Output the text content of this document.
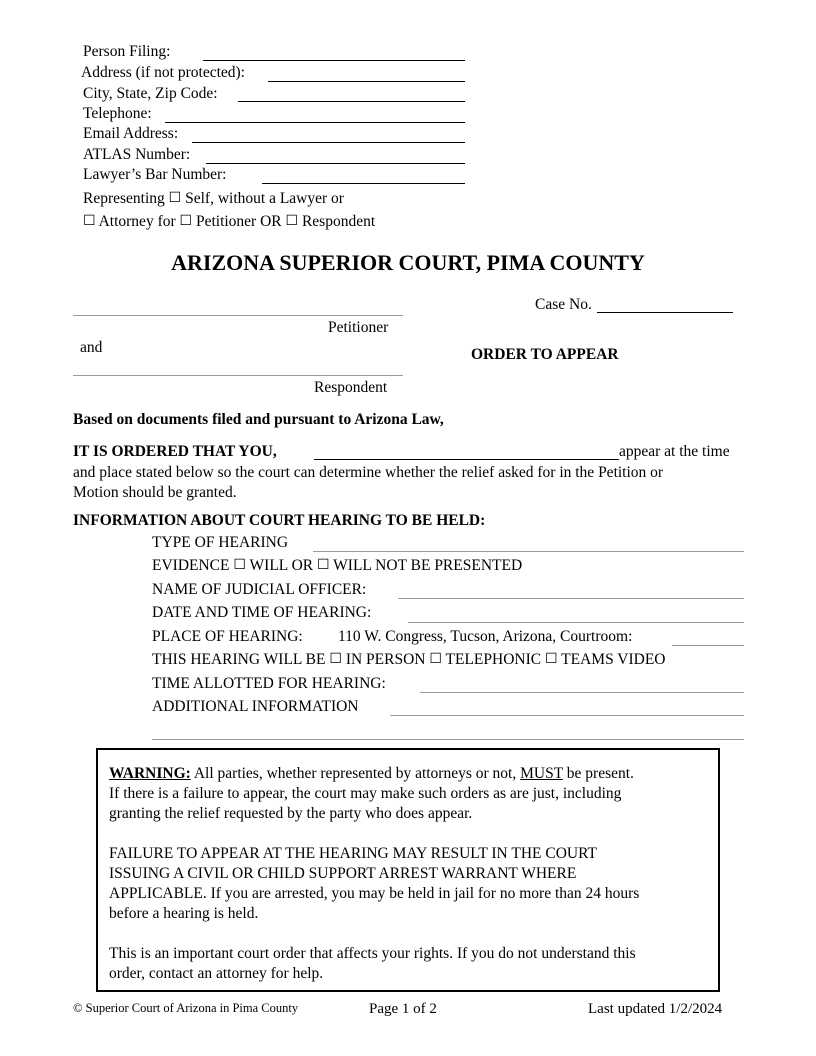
Person Filing:
Address (if not protected):
City, State, Zip Code:
Telephone:
Email Address:
ATLAS Number:
Lawyer’s Bar Number:
Representing ☐ Self, without a Lawyer or
☐ Attorney for ☐ Petitioner OR ☐ Respondent
ARIZONA SUPERIOR COURT, PIMA COUNTY
Case No.
Petitioner
and
Respondent
ORDER TO APPEAR
Based on documents filed and pursuant to Arizona Law,
IT IS ORDERED THAT YOU,	appear at the time
and place stated below so the court can determine whether the relief asked for in the Petition or
Motion should be granted.
INFORMATION ABOUT COURT HEARING TO BE HELD:
TYPE OF HEARING
EVIDENCE ☐ WILL OR ☐ WILL NOT BE PRESENTED
NAME OF JUDICIAL OFFICER:
DATE AND TIME OF HEARING:
PLACE OF HEARING: 110 W. Congress, Tucson, Arizona, Courtroom:
THIS HEARING WILL BE ☐ IN PERSON ☐ TELEPHONIC ☐ TEAMS VIDEO
TIME ALLOTTED FOR HEARING:
ADDITIONAL INFORMATION

WARNING: All parties, whether represented by attorneys or not, MUST be present.

If there is a failure to appear, the court may make such orders as are just, including

granting the relief requested by the party who does appear.

FAILURE TO APPEAR AT THE HEARING MAY RESULT IN THE COURT

ISSUING A CIVIL OR CHILD SUPPORT ARREST WARRANT WHERE

APPLICABLE. If you are arrested, you may be held in jail for no more than 24 hours

before a hearing is held.

This is an important court order that affects your rights. If you do not understand this

order, contact an attorney for help.

© Superior Court of Arizona in Pima County	Page 1 of 2	Last updated 1/2/2024
